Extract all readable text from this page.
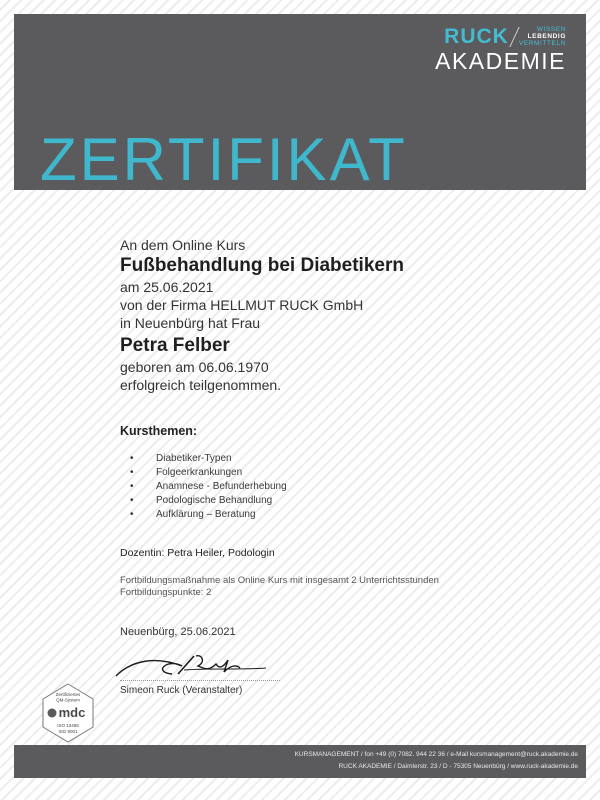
RUCK	WISSEN
LEBENDIG
VERMITTELN
AKADEMIE
ZERTIFIKAT
An dem Online Kurs
Fußbehandlung bei Diabetikern
am 25.06.2021
von der Firma HELLMUT RUCK GmbH
in Neuenbürg hat Frau
Petra Felber
geboren am 06.06.1970
erfolgreich teilgenommen.
Kursthemen:
• Diabetiker-Typen
• Folgeerkrankungen
• Anamnese - Befunderhebung
• Podologische Behandlung
• Aufklärung – Beratung
Dozentin: Petra Heiler, Podologin
Fortbildungsmaßnahme als Online Kurs mit insgesamt 2 Unterrichtsstunden
Fortbildungspunkte: 2
Neuenbürg, 25.06.2021
Simeon Ruck (Veranstalter)
Zertifiziertes
QM-System
mdc
ISO 13485
ISO 9001
KURSMANAGEMENT / fon +49 (0) 7082. 944 22 36 / e-Mail kursmanagement@ruck.akademie.de
RUCK AKADEMIE / Daimlerstr. 23 / D - 75305 Neuenbürg / www.ruck-akademie.de
